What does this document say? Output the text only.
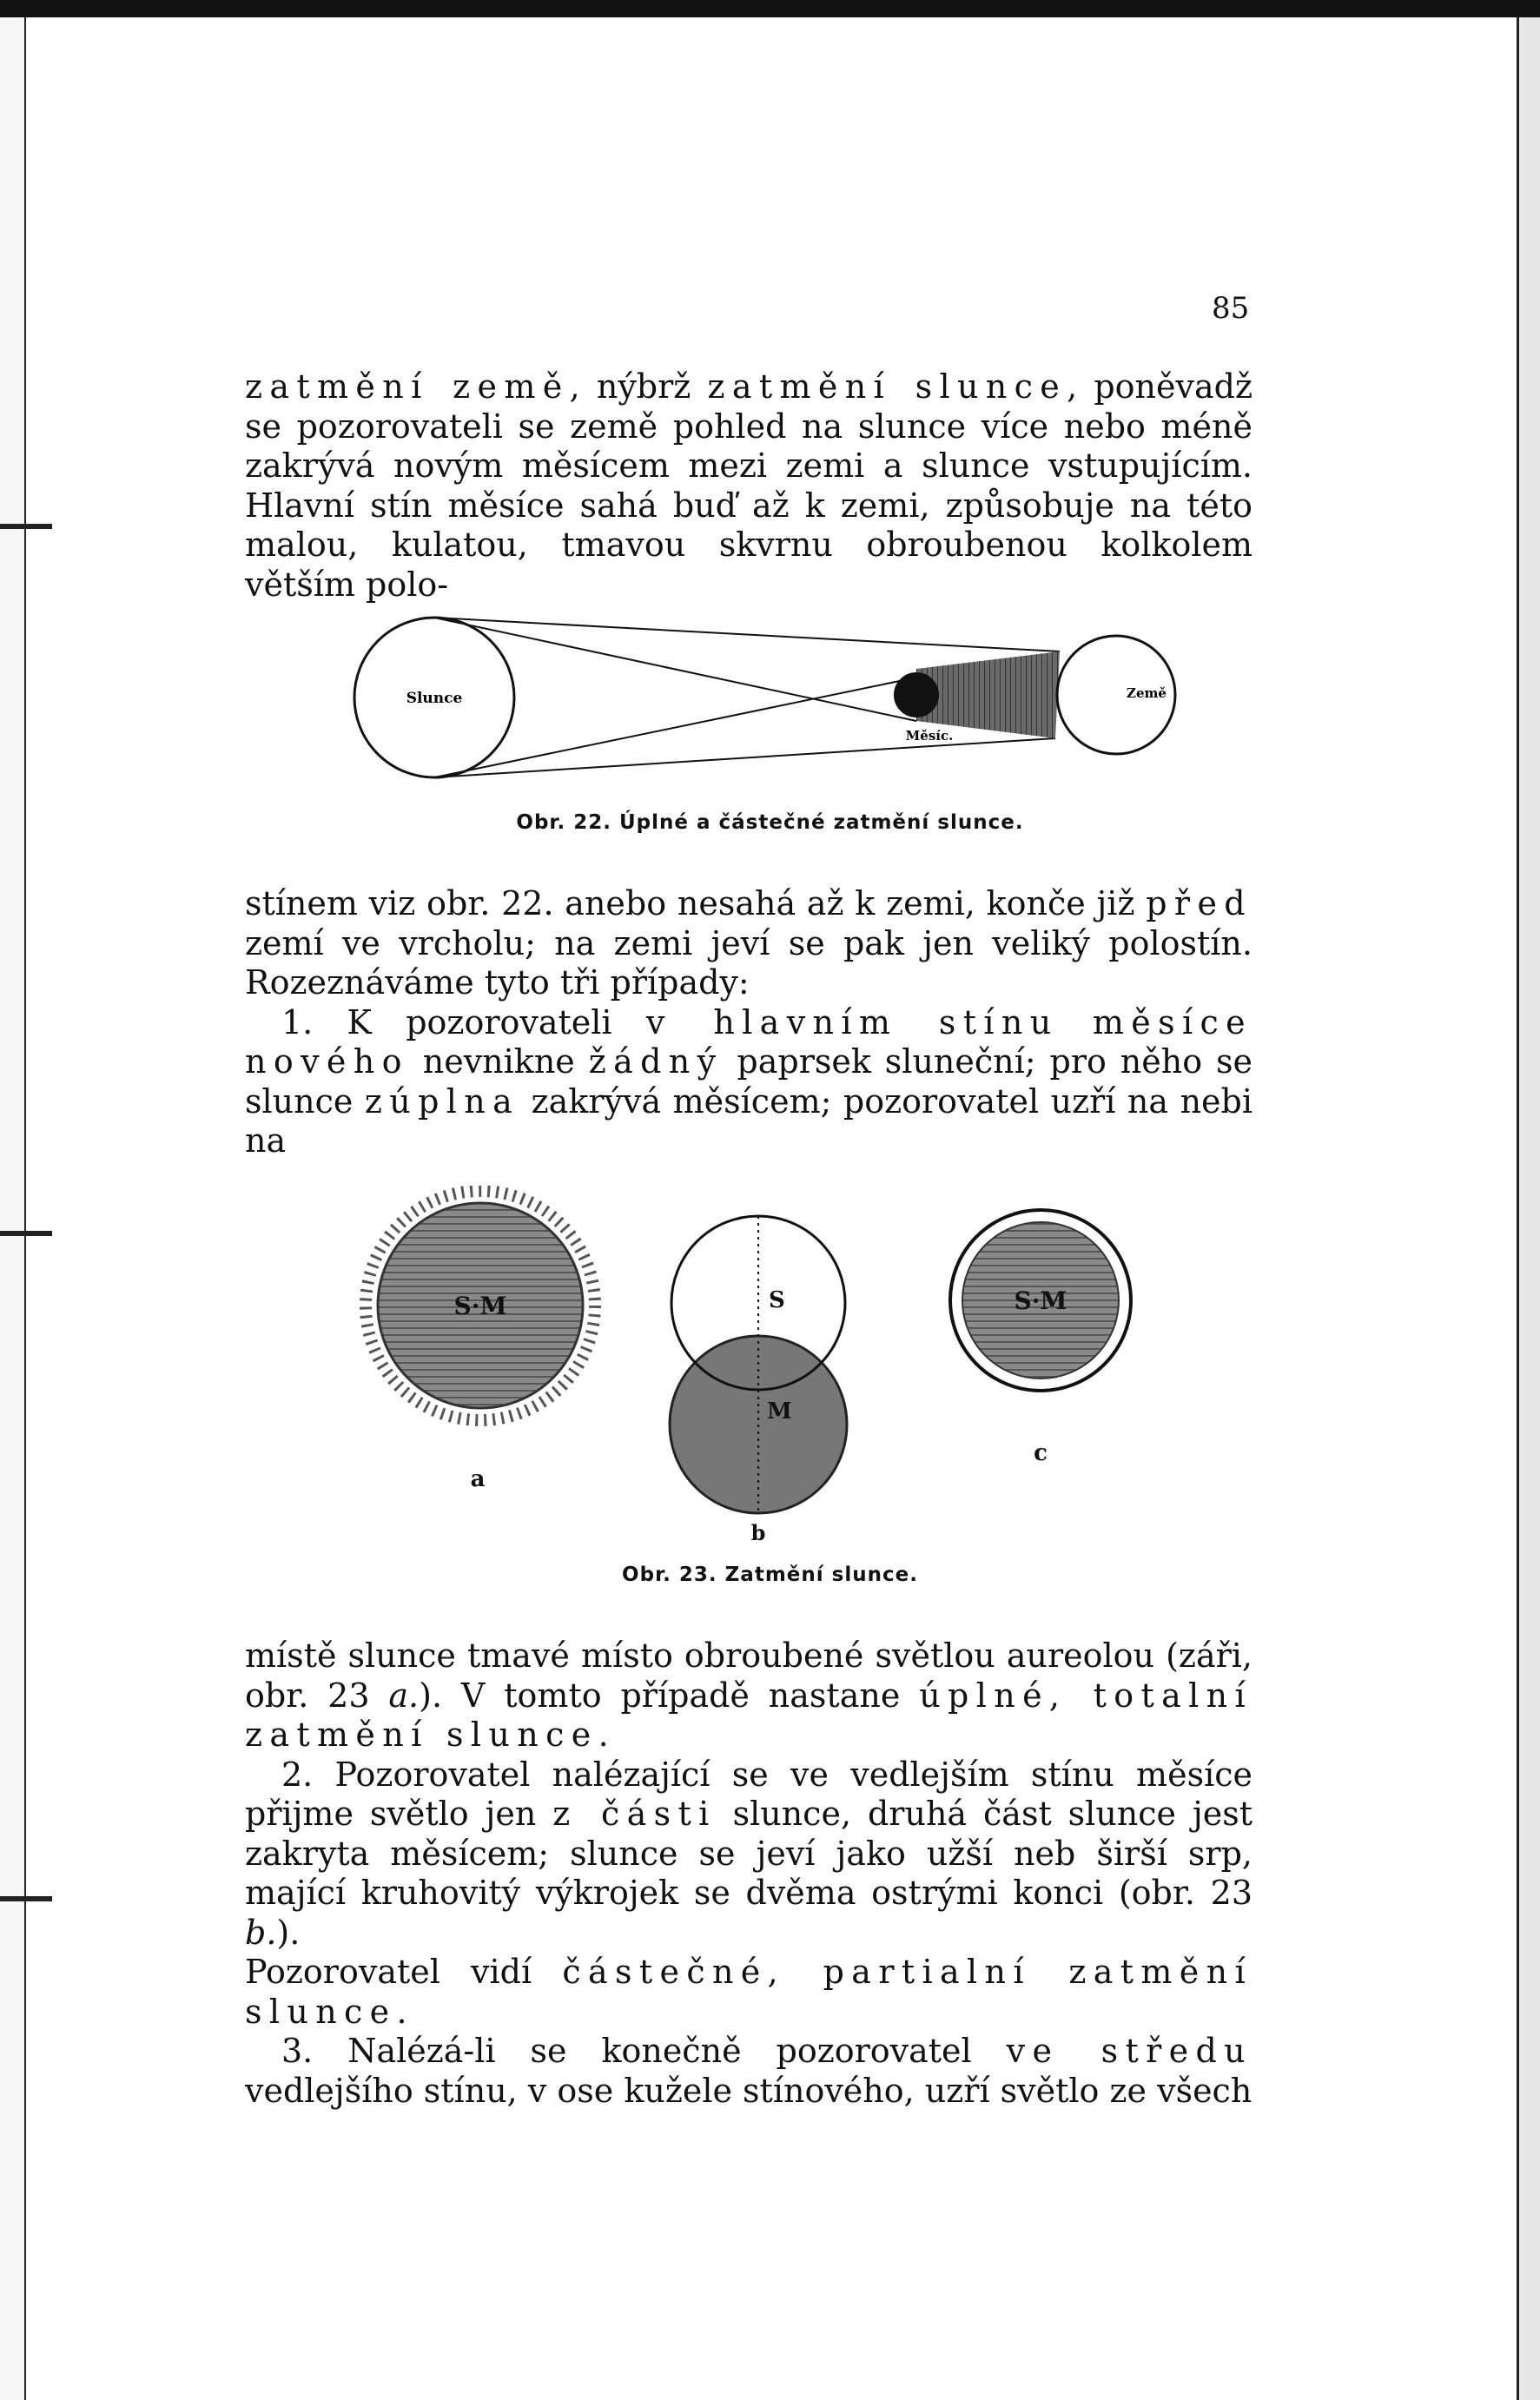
85

zatmění země, nýbrž zatmění slunce, poněvadž se pozorovateli se země pohled na slunce více nebo méně zakrývá novým měsícem mezi zemi a slunce vstupujícím. Hlavní stín měsíce sahá buď až k zemi, způsobuje na této malou, kulatou, tmavou skvrnu obroubenou kolkolem větším polo-

Slunce	Země
Měsíc.
Obr. 22. Úplné a částečné zatmění slunce.

stínem viz obr. 22. anebo nesahá až k zemi, konče již před zemí ve vrcholu; na zemi jeví se pak jen veliký polostín. Rozeznáváme tyto tři případy:

1. K pozorovateli v hlavním stínu měsíce nového nevnikne žádný paprsek sluneční; pro něho se slunce zúplna zakrývá měsícem; pozorovatel uzří na nebi na

S·M
a
S
M
b
S·M
c
Obr. 23. Zatmění slunce.

místě slunce tmavé místo obroubené světlou aureolou (záři, obr. 23 a.). V tomto případě nastane úplné, totalní zatmění slunce.

2. Pozorovatel nalézající se ve vedlejším stínu měsíce přijme světlo jen z části slunce, druhá část slunce jest zakryta měsícem; slunce se jeví jako užší neb širší srp, mající kruhovitý výkrojek se dvěma ostrými konci (obr. 23 b.).

Pozorovatel vidí částečné, partialní zatmění slunce.

3. Nalézá-li se konečně pozorovatel ve středu vedlejšího stínu, v ose kužele stínového, uzří světlo ze všech
